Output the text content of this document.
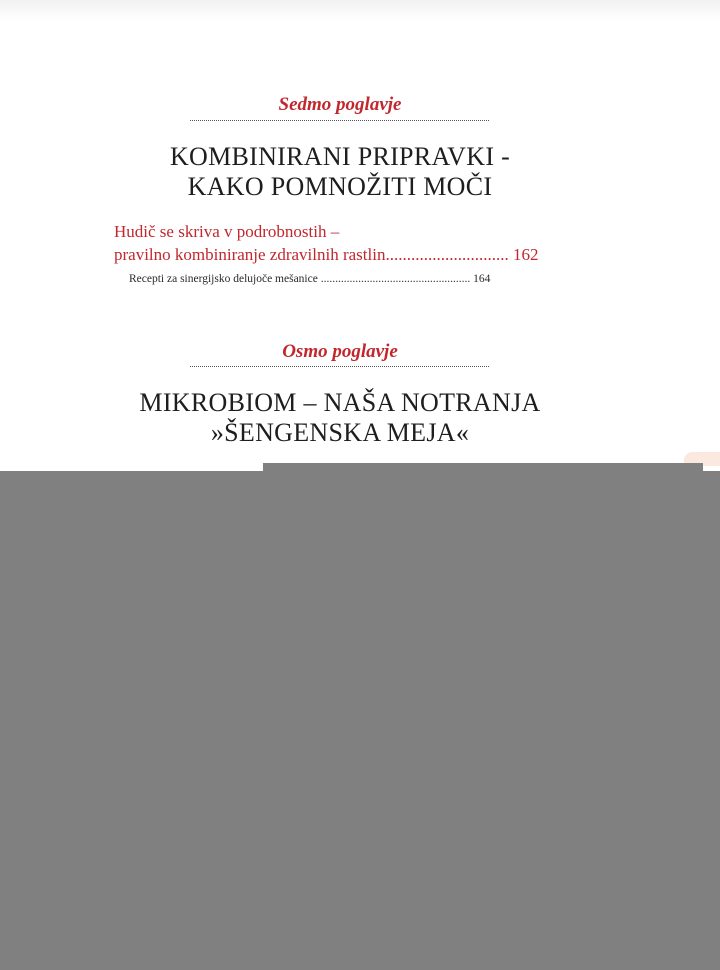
Sedmo poglavje
KOMBINIRANI PRIPRAVKI -
KAKO POMNOŽITI MOČI
Hudič se skriva v podrobnostih –
pravilno kombiniranje zdravilnih rastlin............................. 162
Recepti za sinergijsko delujoče mešanice .................................................... 164
Osmo poglavje
MIKROBIOM – NAŠA NOTRANJA
»ŠENGENSKA MEJA«
